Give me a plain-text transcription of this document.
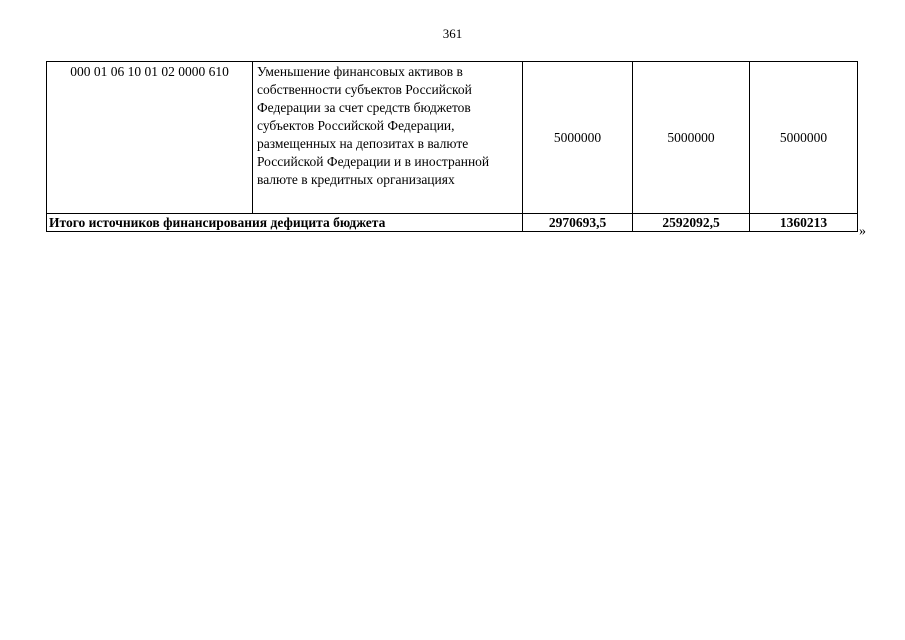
361
000 01 06 10 01 02 0000 610	Уменьшение финансовых активов в собственности субъектов Российской Федерации за счет средств бюджетов субъектов Российской Федерации, размещенных на депозитах в валюте Российской Федерации и в иностранной валюте в кредитных организациях	5000000	5000000	5000000
Итого источников финансирования дефицита бюджета		2970693,5	2592092,5	1360213
»
